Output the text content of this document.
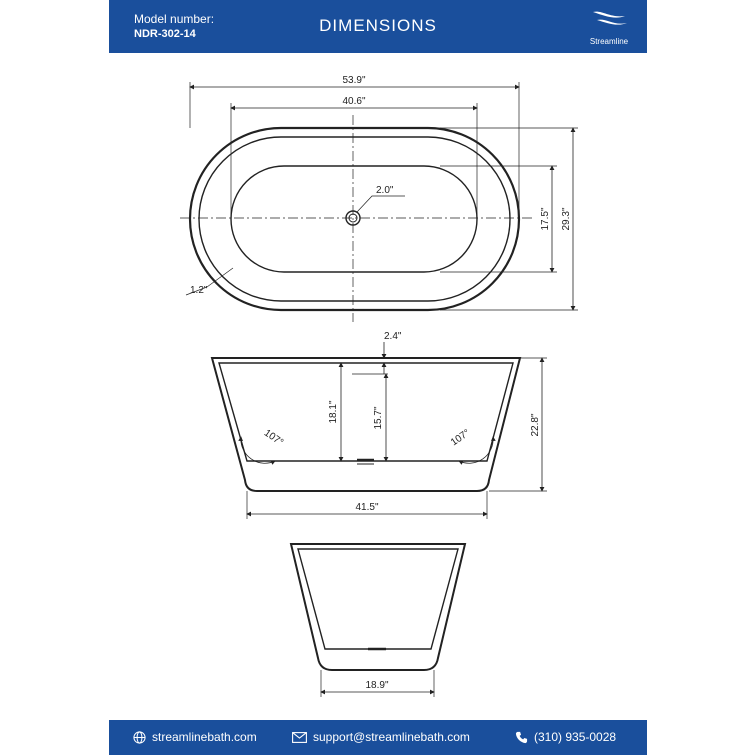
Model number:
NDR-302-14	DIMENSIONS
Streamline
53.9"
40.6"
2.0"
17.5" 29.3"
1.2"
2.4"
18.1"	15.7"	22.8"
107°	107°
41.5"
18.9"
streamlinebath.com	support@streamlinebath.com	(310) 935-0028
